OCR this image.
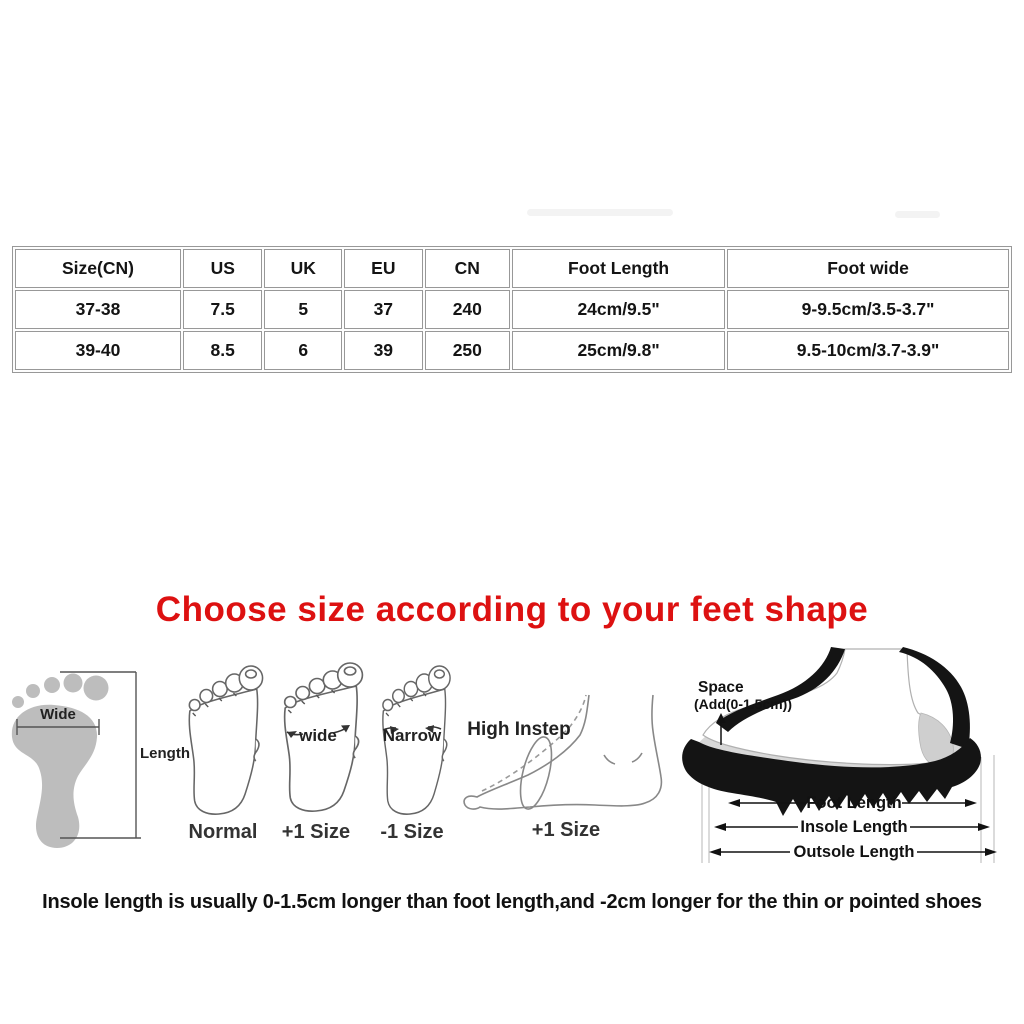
Size(CN)	US	UK	EU	CN	Foot Length	Foot wide
37-38	7.5	5	37	240	24cm/9.5"	9-9.5cm/3.5-3.7"
39-40	8.5	6	39	250	25cm/9.8"	9.5-10cm/3.7-3.9"
Choose size according to your feet shape
Wide
Length
Normal
wide
+1 Size
Narrow
-1 Size
High Instep
+1 Size
Space
(Add(0-1.5cm))
Foot Length
Insole Length
Outsole Length
Insole length is usually 0-1.5cm longer than foot length,and -2cm longer for the thin or pointed shoes
